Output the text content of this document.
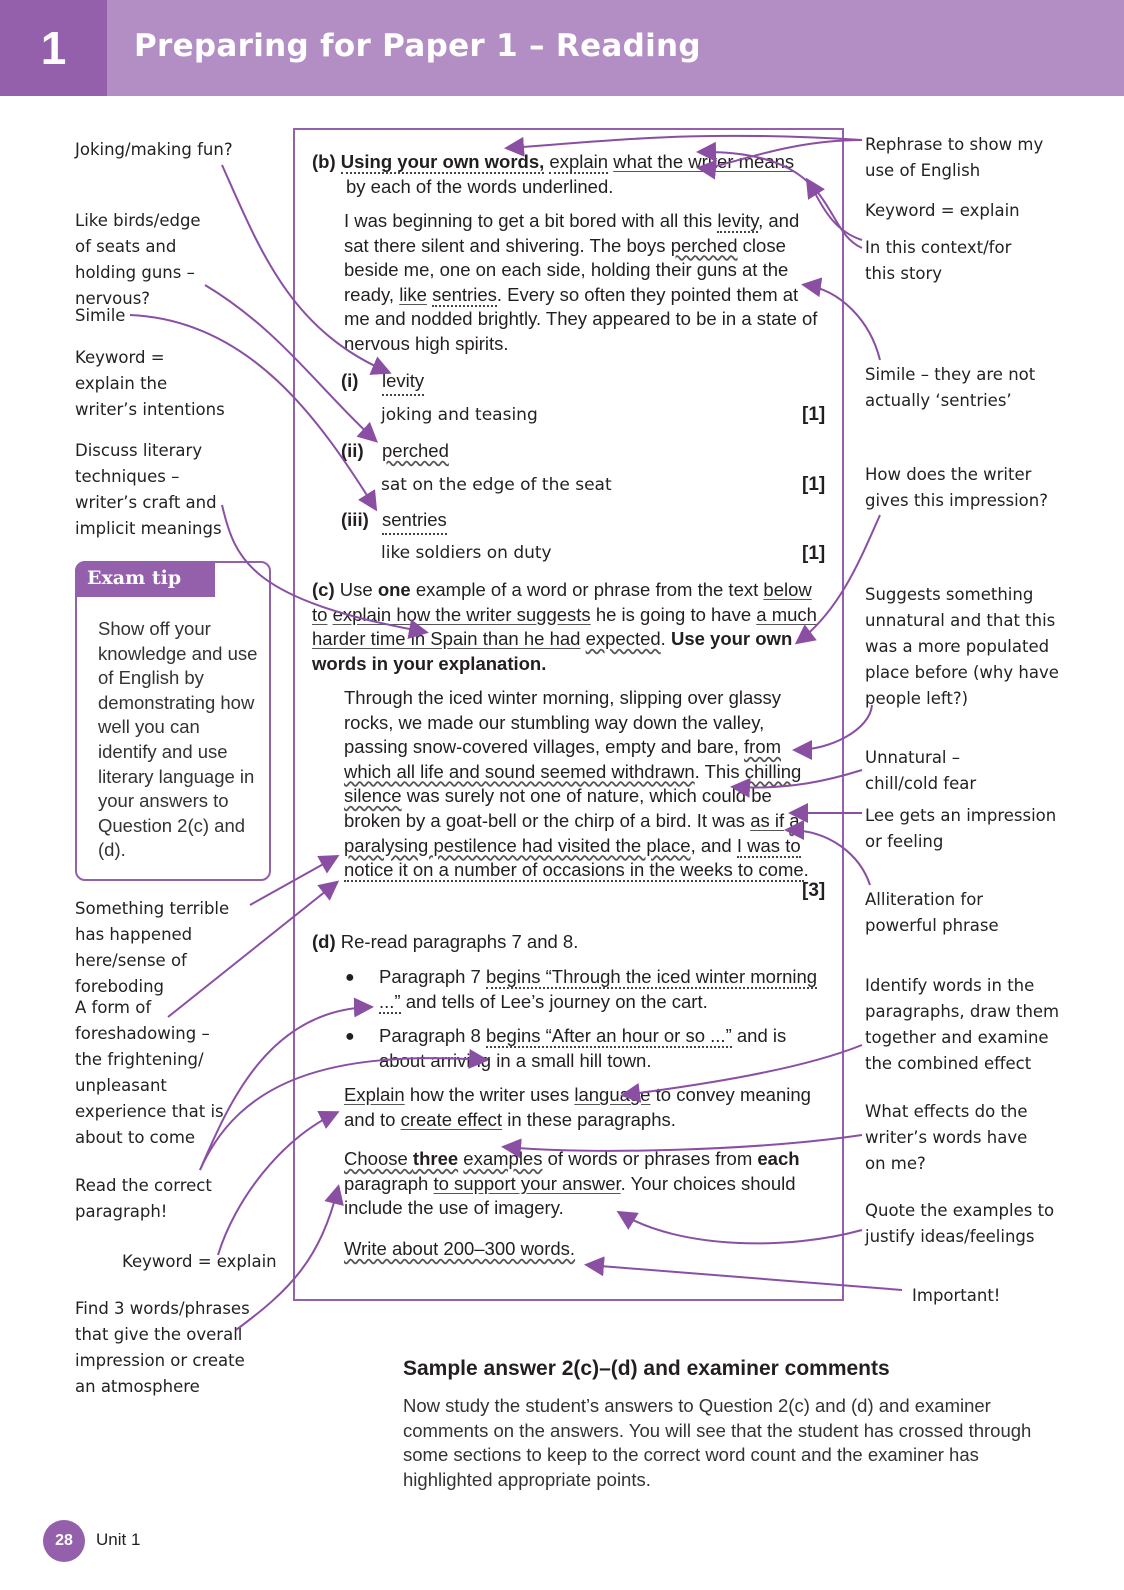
1	Preparing for Paper 1 – Reading
Joking/making fun?
Like birds/edge of seats and holding guns – nervous?
Simile
Keyword = explain the writer’s intentions
Discuss literary techniques – writer’s craft and implicit meanings
Something terrible has happened here/sense of foreboding
A form of foreshadowing – the frightening/ unpleasant experience that is about to come
Read the correct paragraph!
Keyword = explain
Find 3 words/phrases that give the overall impression or create an atmosphere
Exam tip
Show off your knowledge and use of English by demonstrating how well you can identify and use literary language in your answers to Question 2(c) and (d).
(b) Using your own words, explain what the writer means
by each of the words underlined.
I was beginning to get a bit bored with all this levity, and sat there silent and shivering. The boys perched close beside me, one on each side, holding their guns at the ready, like sentries. Every so often they pointed them at me and nodded brightly. They appeared to be in a state of nervous high spirits.
(i) levity
joking and teasing	[1]
(ii) perched
sat on the edge of the seat	[1]
(iii) sentries
like soldiers on duty	[1]
(c) Use one example of a word or phrase from the text below to explain how the writer suggests he is going to have a much harder time in Spain than he had expected. Use your own words in your explanation.
Through the iced winter morning, slipping over glassy rocks, we made our stumbling way down the valley, passing snow-covered villages, empty and bare, from which all life and sound seemed withdrawn. This chilling silence was surely not one of nature, which could be broken by a goat-bell or the chirp of a bird. It was as if a paralysing pestilence had visited the place, and I was to notice it on a number of occasions in the weeks to come.
[3]
(d) Re-read paragraphs 7 and 8.
● Paragraph 7 begins “Through the iced winter morning ...” and tells of Lee’s journey on the cart.
● Paragraph 8 begins “After an hour or so ...” and is about arriving in a small hill town.
Explain how the writer uses language to convey meaning and to create effect in these paragraphs.
Choose three examples of words or phrases from each paragraph to support your answer. Your choices should include the use of imagery.
Write about 200–300 words.
Rephrase to show my use of English
Keyword = explain
In this context/for this story
Simile – they are not actually ‘sentries’
How does the writer gives this impression?
Suggests something unnatural and that this was a more populated place before (why have people left?)
Unnatural – chill/cold fear
Lee gets an impression or feeling
Alliteration for powerful phrase
Identify words in the paragraphs, draw them together and examine the combined effect
What effects do the writer’s words have on me?
Quote the examples to justify ideas/feelings
Important!
Sample answer 2(c)–(d) and examiner comments
Now study the student’s answers to Question 2(c) and (d) and examiner comments on the answers. You will see that the student has crossed through some sections to keep to the correct word count and the examiner has highlighted appropriate points.
28	Unit 1
